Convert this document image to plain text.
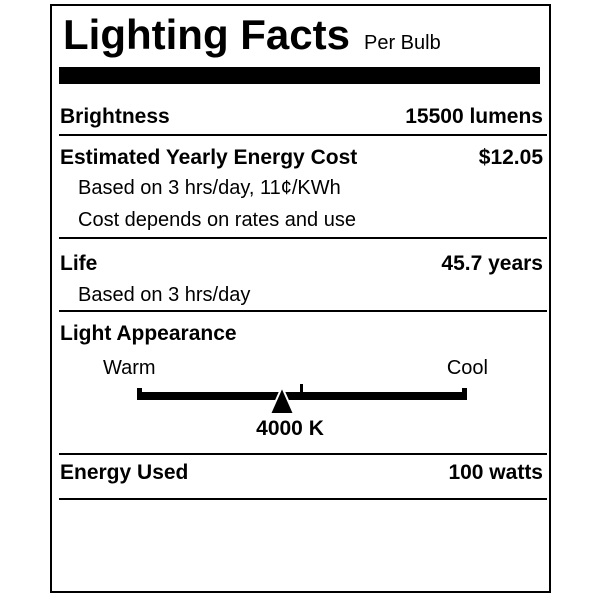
Lighting Facts Per Bulb
Brightness	15500 lumens
Estimated Yearly Energy Cost	$12.05
Based on 3 hrs/day, 11¢/KWh
Cost depends on rates and use
Life	45.7 years
Based on 3 hrs/day
Light Appearance
Warm	Cool
4000 K
Energy Used	100 watts
